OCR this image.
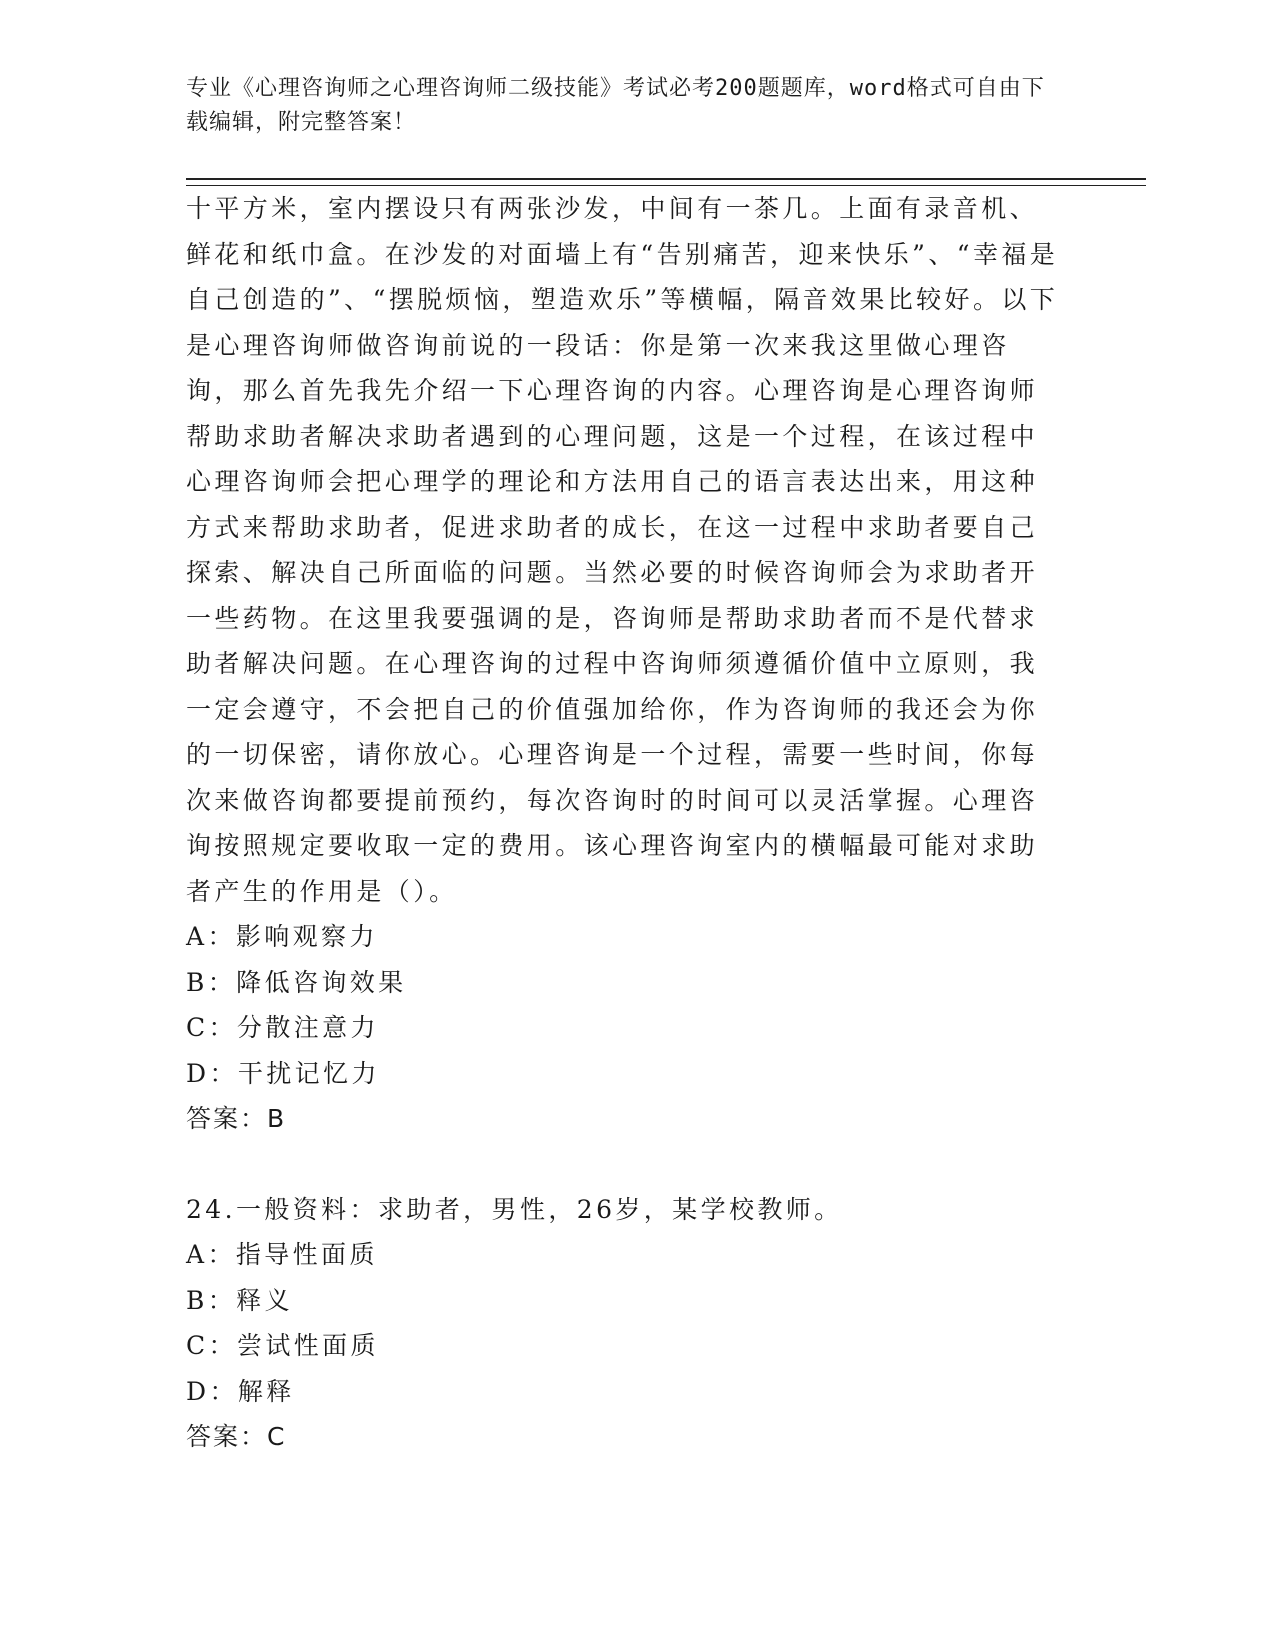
专业《心理咨询师之心理咨询师二级技能》考试必考200题题库，word格式可自由下载编辑，附完整答案！

十平方米，室内摆设只有两张沙发，中间有一茶几。上面有录音机、鲜花和纸巾盒。在沙发的对面墙上有“告别痛苦，迎来快乐”、“幸福是自己创造的”、“摆脱烦恼，塑造欢乐”等横幅，隔音效果比较好。以下是心理咨询师做咨询前说的一段话：你是第一次来我这里做心理咨询，那么首先我先介绍一下心理咨询的内容。心理咨询是心理咨询师帮助求助者解决求助者遇到的心理问题，这是一个过程，在该过程中心理咨询师会把心理学的理论和方法用自己的语言表达出来，用这种方式来帮助求助者，促进求助者的成长，在这一过程中求助者要自己探索、解决自己所面临的问题。当然必要的时候咨询师会为求助者开一些药物。在这里我要强调的是，咨询师是帮助求助者而不是代替求助者解决问题。在心理咨询的过程中咨询师须遵循价值中立原则，我一定会遵守，不会把自己的价值强加给你，作为咨询师的我还会为你的一切保密，请你放心。心理咨询是一个过程，需要一些时间，你每次来做咨询都要提前预约，每次咨询时的时间可以灵活掌握。心理咨询按照规定要收取一定的费用。该心理咨询室内的横幅最可能对求助者产生的作用是（）。

A：影响观察力

B：降低咨询效果

C：分散注意力

D：干扰记忆力

答案：B

24.一般资料：求助者，男性，26岁，某学校教师。

A：指导性面质

B：释义

C：尝试性面质

D：解释

答案：C
